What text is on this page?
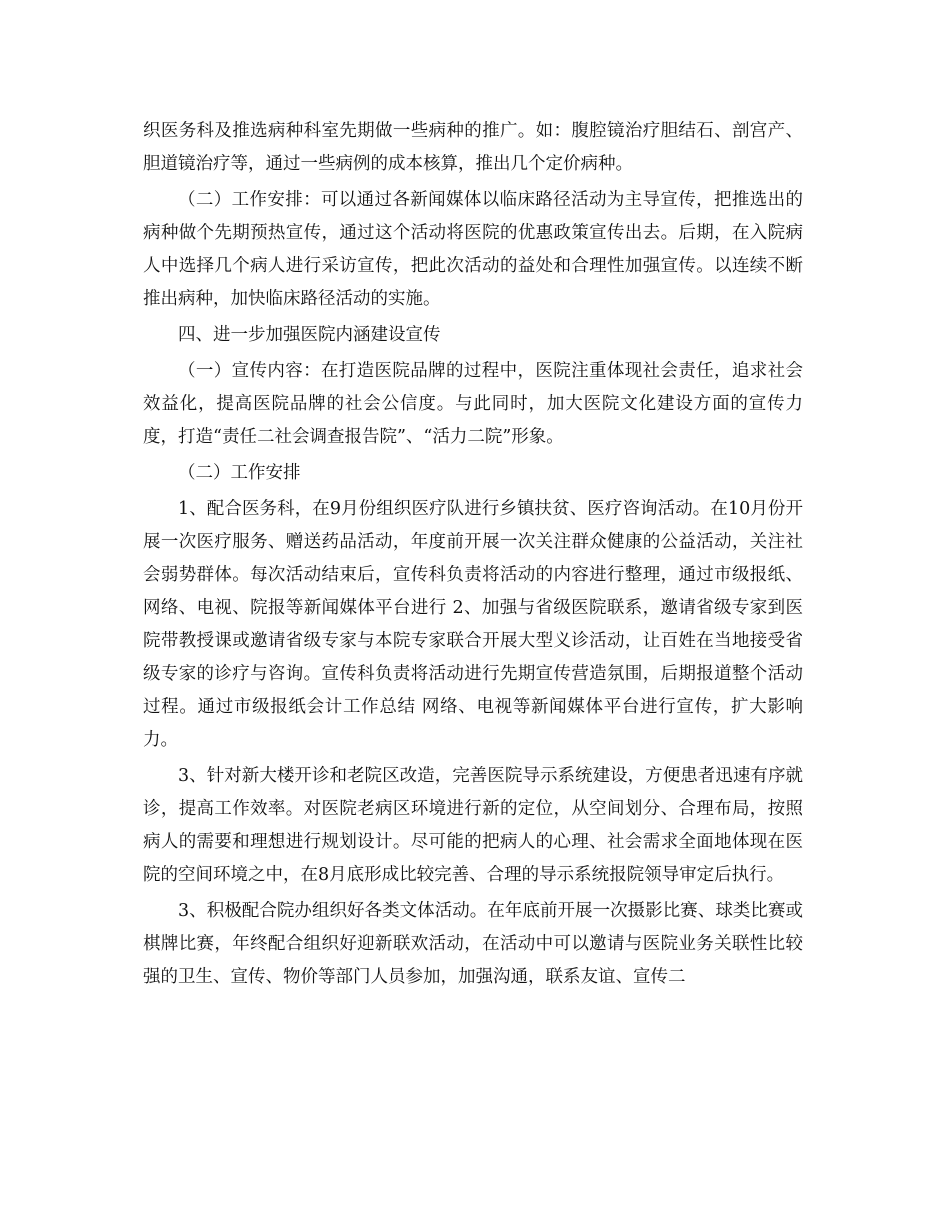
织医务科及推选病种科室先期做一些病种的推广。如：腹腔镜治疗胆结石、剖宫产、胆道镜治疗等，通过一些病例的成本核算，推出几个定价病种。

（二）工作安排：可以通过各新闻媒体以临床路径活动为主导宣传，把推选出的病种做个先期预热宣传，通过这个活动将医院的优惠政策宣传出去。后期，在入院病人中选择几个病人进行采访宣传，把此次活动的益处和合理性加强宣传。以连续不断推出病种，加快临床路径活动的实施。

四、进一步加强医院内涵建设宣传

（一）宣传内容：在打造医院品牌的过程中，医院注重体现社会责任，追求社会效益化，提高医院品牌的社会公信度。与此同时，加大医院文化建设方面的宣传力度，打造“责任二社会调查报告院”、“活力二院”形象。

（二）工作安排

1、配合医务科，在9月份组织医疗队进行乡镇扶贫、医疗咨询活动。在10月份开展一次医疗服务、赠送药品活动，年度前开展一次关注群众健康的公益活动，关注社会弱势群体。每次活动结束后，宣传科负责将活动的内容进行整理，通过市级报纸、网络、电视、院报等新闻媒体平台进行 2、加强与省级医院联系，邀请省级专家到医院带教授课或邀请省级专家与本院专家联合开展大型义诊活动，让百姓在当地接受省级专家的诊疗与咨询。宣传科负责将活动进行先期宣传营造氛围，后期报道整个活动过程。通过市级报纸会计工作总结 网络、电视等新闻媒体平台进行宣传，扩大影响力。

3、针对新大楼开诊和老院区改造，完善医院导示系统建设，方便患者迅速有序就诊，提高工作效率。对医院老病区环境进行新的定位，从空间划分、合理布局，按照病人的需要和理想进行规划设计。尽可能的把病人的心理、社会需求全面地体现在医院的空间环境之中，在8月底形成比较完善、合理的导示系统报院领导审定后执行。

3、积极配合院办组织好各类文体活动。在年底前开展一次摄影比赛、球类比赛或棋牌比赛，年终配合组织好迎新联欢活动，在活动中可以邀请与医院业务关联性比较强的卫生、宣传、物价等部门人员参加，加强沟通，联系友谊、宣传二
